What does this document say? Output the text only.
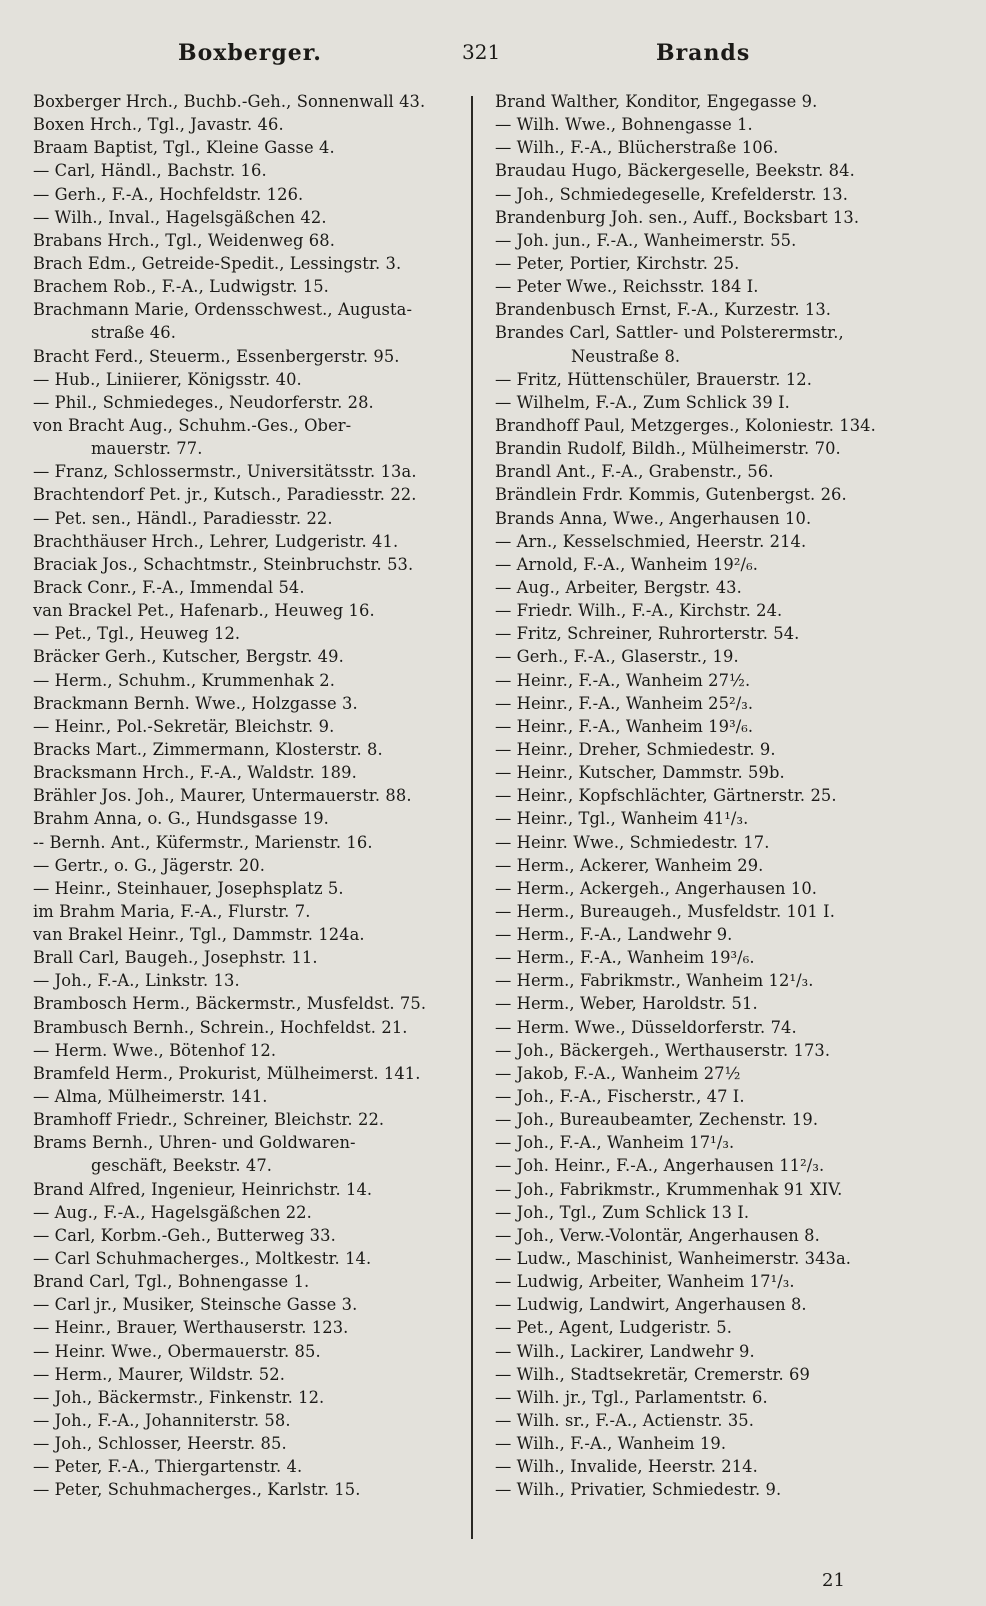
Boxberger.	321	Brands
Boxberger Hrch., Buchb.-Geh., Sonnenwall 43.
Boxen Hrch., Tgl., Javastr. 46.
Braam Baptist, Tgl., Kleine Gasse 4.
— Carl, Händl., Bachstr. 16.
— Gerh., F.-A., Hochfeldstr. 126.
— Wilh., Inval., Hagelsgäßchen 42.
Brabans Hrch., Tgl., Weidenweg 68.
Brach Edm., Getreide-Spedit., Lessingstr. 3.
Brachem Rob., F.-A., Ludwigstr. 15.
Brachmann Marie, Ordensschwest., Augusta-
straße 46.
Bracht Ferd., Steuerm., Essenbergerstr. 95.
— Hub., Liniierer, Königsstr. 40.
— Phil., Schmiedeges., Neudorferstr. 28.
von Bracht Aug., Schuhm.-Ges., Ober-
mauerstr. 77.
— Franz, Schlossermstr., Universitätsstr. 13a.
Brachtendorf Pet. jr., Kutsch., Paradiesstr. 22.
— Pet. sen., Händl., Paradiesstr. 22.
Brachthäuser Hrch., Lehrer, Ludgeristr. 41.
Braciak Jos., Schachtmstr., Steinbruchstr. 53.
Brack Conr., F.-A., Immendal 54.
van Brackel Pet., Hafenarb., Heuweg 16.
— Pet., Tgl., Heuweg 12.
Bräcker Gerh., Kutscher, Bergstr. 49.
— Herm., Schuhm., Krummenhak 2.
Brackmann Bernh. Wwe., Holzgasse 3.
— Heinr., Pol.-Sekretär, Bleichstr. 9.
Bracks Mart., Zimmermann, Klosterstr. 8.
Bracksmann Hrch., F.-A., Waldstr. 189.
Brähler Jos. Joh., Maurer, Untermauerstr. 88.
Brahm Anna, o. G., Hundsgasse 19.
-- Bernh. Ant., Küfermstr., Marienstr. 16.
— Gertr., o. G., Jägerstr. 20.
— Heinr., Steinhauer, Josephsplatz 5.
im Brahm Maria, F.-A., Flurstr. 7.
van Brakel Heinr., Tgl., Dammstr. 124a.
Brall Carl, Baugeh., Josephstr. 11.
— Joh., F.-A., Linkstr. 13.
Brambosch Herm., Bäckermstr., Musfeldst. 75.
Brambusch Bernh., Schrein., Hochfeldst. 21.
— Herm. Wwe., Bötenhof 12.
Bramfeld Herm., Prokurist, Mülheimerst. 141.
— Alma, Mülheimerstr. 141.
Bramhoff Friedr., Schreiner, Bleichstr. 22.
Brams Bernh., Uhren- und Goldwaren-
geschäft, Beekstr. 47.
Brand Alfred, Ingenieur, Heinrichstr. 14.
— Aug., F.-A., Hagelsgäßchen 22.
— Carl, Korbm.-Geh., Butterweg 33.
— Carl Schuhmacherges., Moltkestr. 14.
Brand Carl, Tgl., Bohnengasse 1.
— Carl jr., Musiker, Steinsche Gasse 3.
— Heinr., Brauer, Werthauserstr. 123.
— Heinr. Wwe., Obermauerstr. 85.
— Herm., Maurer, Wildstr. 52.
— Joh., Bäckermstr., Finkenstr. 12.
— Joh., F.-A., Johanniterstr. 58.
— Joh., Schlosser, Heerstr. 85.
— Peter, F.-A., Thiergartenstr. 4.
— Peter, Schuhmacherges., Karlstr. 15.
Brand Walther, Konditor, Engegasse 9.
— Wilh. Wwe., Bohnengasse 1.
— Wilh., F.-A., Blücherstraße 106.
Braudau Hugo, Bäckergeselle, Beekstr. 84.
— Joh., Schmiedegeselle, Krefelderstr. 13.
Brandenburg Joh. sen., Auff., Bocksbart 13.
— Joh. jun., F.-A., Wanheimerstr. 55.
— Peter, Portier, Kirchstr. 25.
— Peter Wwe., Reichsstr. 184 I.
Brandenbusch Ernst, F.-A., Kurzestr. 13.
Brandes Carl, Sattler- und Polsterermstr.,
Neustraße 8.
— Fritz, Hüttenschüler, Brauerstr. 12.
— Wilhelm, F.-A., Zum Schlick 39 I.
Brandhoff Paul, Metzgerges., Koloniestr. 134.
Brandin Rudolf, Bildh., Mülheimerstr. 70.
Brandl Ant., F.-A., Grabenstr., 56.
Brändlein Frdr. Kommis, Gutenbergst. 26.
Brands Anna, Wwe., Angerhausen 10.
— Arn., Kesselschmied, Heerstr. 214.
— Arnold, F.-A., Wanheim 19²/₆.
— Aug., Arbeiter, Bergstr. 43.
— Friedr. Wilh., F.-A., Kirchstr. 24.
— Fritz, Schreiner, Ruhrorterstr. 54.
— Gerh., F.-A., Glaserstr., 19.
— Heinr., F.-A., Wanheim 27½.
— Heinr., F.-A., Wanheim 25²/₃.
— Heinr., F.-A., Wanheim 19³/₆.
— Heinr., Dreher, Schmiedestr. 9.
— Heinr., Kutscher, Dammstr. 59b.
— Heinr., Kopfschlächter, Gärtnerstr. 25.
— Heinr., Tgl., Wanheim 41¹/₃.
— Heinr. Wwe., Schmiedestr. 17.
— Herm., Ackerer, Wanheim 29.
— Herm., Ackergeh., Angerhausen 10.
— Herm., Bureaugeh., Musfeldstr. 101 I.
— Herm., F.-A., Landwehr 9.
— Herm., F.-A., Wanheim 19³/₆.
— Herm., Fabrikmstr., Wanheim 12¹/₃.
— Herm., Weber, Haroldstr. 51.
— Herm. Wwe., Düsseldorferstr. 74.
— Joh., Bäckergeh., Werthauserstr. 173.
— Jakob, F.-A., Wanheim 27½
— Joh., F.-A., Fischerstr., 47 I.
— Joh., Bureaubeamter, Zechenstr. 19.
— Joh., F.-A., Wanheim 17¹/₃.
— Joh. Heinr., F.-A., Angerhausen 11²/₃.
— Joh., Fabrikmstr., Krummenhak 91 XIV.
— Joh., Tgl., Zum Schlick 13 I.
— Joh., Verw.-Volontär, Angerhausen 8.
— Ludw., Maschinist, Wanheimerstr. 343a.
— Ludwig, Arbeiter, Wanheim 17¹/₃.
— Ludwig, Landwirt, Angerhausen 8.
— Pet., Agent, Ludgeristr. 5.
— Wilh., Lackirer, Landwehr 9.
— Wilh., Stadtsekretär, Cremerstr. 69
— Wilh. jr., Tgl., Parlamentstr. 6.
— Wilh. sr., F.-A., Actienstr. 35.
— Wilh., F.-A., Wanheim 19.
— Wilh., Invalide, Heerstr. 214.
— Wilh., Privatier, Schmiedestr. 9.
21
